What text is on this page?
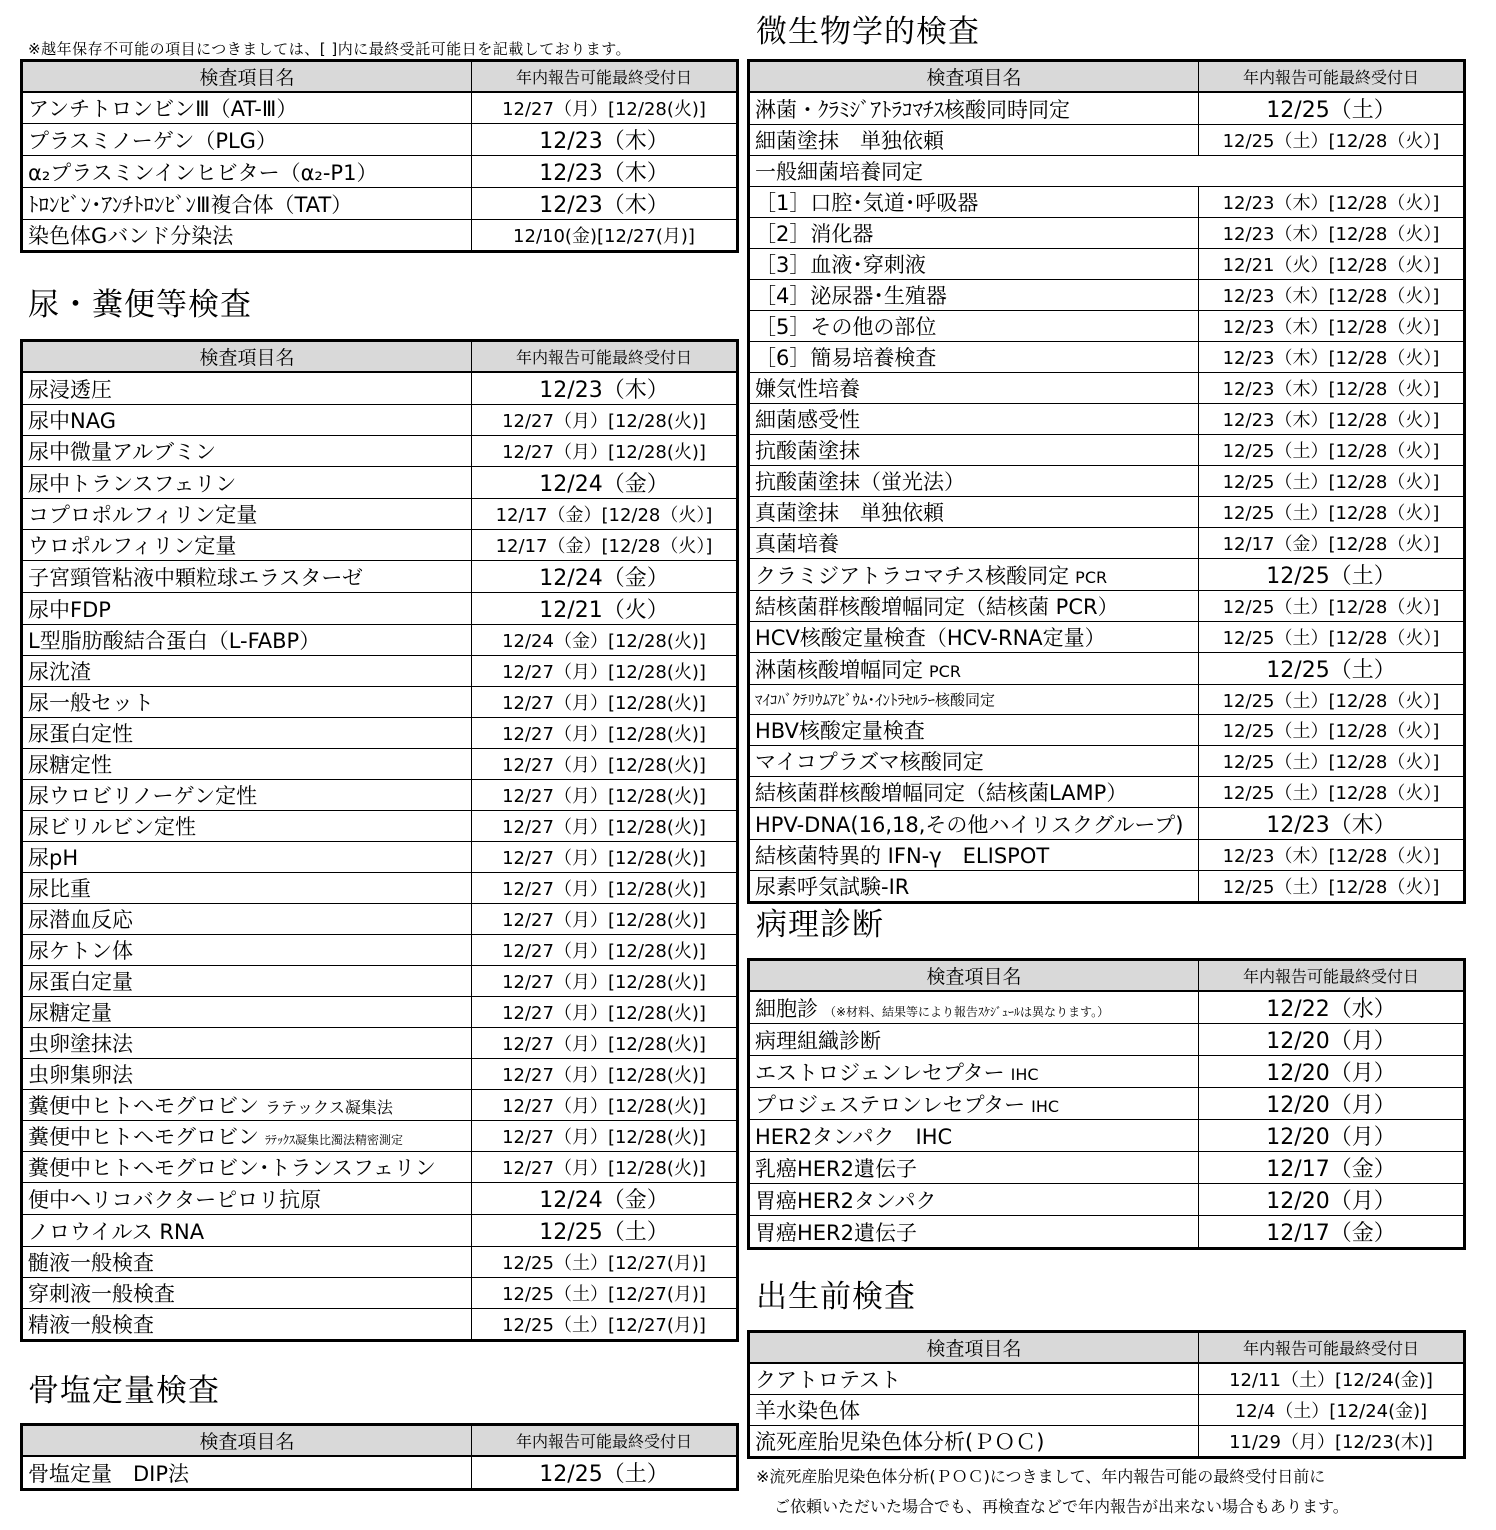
※越年保存不可能の項目につきましては、[ ]内に最終受託可能日を記載しております。
検査項目名	年内報告可能最終受付日
アンチトロンビンⅢ（AT-Ⅲ）	12/27（月）[12/28(火)]
プラスミノーゲン（PLG）	12/23（木）
α₂プラスミンインヒビター（α₂-P1）	12/23（木）
ﾄﾛﾝﾋﾞﾝ･ｱﾝﾁﾄﾛﾝﾋﾞﾝⅢ複合体（TAT）	12/23（木）
染色体Gバンド分染法	12/10(金)[12/27(月)]
尿・糞便等検査
検査項目名	年内報告可能最終受付日
尿浸透圧	12/23（木）
尿中NAG	12/27（月）[12/28(火)]
尿中微量アルブミン	12/27（月）[12/28(火)]
尿中トランスフェリン	12/24（金）
コプロポルフィリン定量	12/17（金）[12/28（火）]
ウロポルフィリン定量	12/17（金）[12/28（火）]
子宮頸管粘液中顆粒球エラスターゼ	12/24（金）
尿中FDP	12/21（火）
L型脂肪酸結合蛋白（L-FABP）	12/24（金）[12/28(火)]
尿沈渣	12/27（月）[12/28(火)]
尿一般セット	12/27（月）[12/28(火)]
尿蛋白定性	12/27（月）[12/28(火)]
尿糖定性	12/27（月）[12/28(火)]
尿ウロビリノーゲン定性	12/27（月）[12/28(火)]
尿ビリルビン定性	12/27（月）[12/28(火)]
尿pH	12/27（月）[12/28(火)]
尿比重	12/27（月）[12/28(火)]
尿潜血反応	12/27（月）[12/28(火)]
尿ケトン体	12/27（月）[12/28(火)]
尿蛋白定量	12/27（月）[12/28(火)]
尿糖定量	12/27（月）[12/28(火)]
虫卵塗抹法	12/27（月）[12/28(火)]
虫卵集卵法	12/27（月）[12/28(火)]
糞便中ヒトヘモグロビン ラテックス凝集法	12/27（月）[12/28(火)]
糞便中ヒトヘモグロビン ﾗﾃｯｸｽ凝集比濁法精密測定	12/27（月）[12/28(火)]
糞便中ヒトヘモグロビン･トランスフェリン	12/27（月）[12/28(火)]
便中ヘリコバクターピロリ抗原	12/24（金）
ノロウイルス RNA	12/25（土）
髄液一般検査	12/25（土）[12/27(月)]
穿刺液一般検査	12/25（土）[12/27(月)]
精液一般検査	12/25（土）[12/27(月)]
骨塩定量検査
検査項目名	年内報告可能最終受付日
骨塩定量　DIP法	12/25（土）
微生物学的検査
検査項目名	年内報告可能最終受付日
淋菌・ｸﾗﾐｼﾞｱﾄﾗｺﾏﾁｽ核酸同時同定	12/25（土）
細菌塗抹　単独依頼	12/25（土）[12/28（火）]
一般細菌培養同定	
［1］口腔･気道･呼吸器	12/23（木）[12/28（火）]
［2］消化器	12/23（木）[12/28（火）]
［3］血液･穿刺液	12/21（火）[12/28（火）]
［4］泌尿器･生殖器	12/23（木）[12/28（火）]
［5］その他の部位	12/23（木）[12/28（火）]
［6］簡易培養検査	12/23（木）[12/28（火）]
嫌気性培養	12/23（木）[12/28（火）]
細菌感受性	12/23（木）[12/28（火）]
抗酸菌塗抹	12/25（土）[12/28（火）]
抗酸菌塗抹（蛍光法）	12/25（土）[12/28（火）]
真菌塗抹　単独依頼	12/25（土）[12/28（火）]
真菌培養	12/17（金）[12/28（火）]
クラミジアトラコマチス核酸同定 PCR	12/25（土）
結核菌群核酸増幅同定（結核菌 PCR）	12/25（土）[12/28（火）]
HCV核酸定量検査（HCV-RNA定量）	12/25（土）[12/28（火）]
淋菌核酸増幅同定 PCR	12/25（土）
ﾏｲｺﾊﾞｸﾃﾘｳﾑｱﾋﾞｳﾑ･ｲﾝﾄﾗｾﾙﾗｰ核酸同定	12/25（土）[12/28（火）]
HBV核酸定量検査	12/25（土）[12/28（火）]
マイコプラズマ核酸同定	12/25（土）[12/28（火）]
結核菌群核酸増幅同定（結核菌LAMP）	12/25（土）[12/28（火）]
HPV-DNA(16,18,その他ハイリスクグループ)	12/23（木）
結核菌特異的 IFN-γ　ELISPOT	12/23（木）[12/28（火）]
尿素呼気試験-IR	12/25（土）[12/28（火）]
病理診断
検査項目名	年内報告可能最終受付日
細胞診 （※材料、結果等により報告ｽｹｼﾞｭｰﾙは異なります。）	12/22（水）
病理組織診断	12/20（月）
エストロジェンレセプター IHC	12/20（月）
プロジェステロンレセプター IHC	12/20（月）
HER2タンパク　IHC	12/20（月）
乳癌HER2遺伝子	12/17（金）
胃癌HER2タンパク	12/20（月）
胃癌HER2遺伝子	12/17（金）
出生前検査
検査項目名	年内報告可能最終受付日
クアトロテスト	12/11（土）[12/24(金)]
羊水染色体	12/4（土）[12/24(金)]
流死産胎児染色体分析(ＰＯＣ)	11/29（月）[12/23(木)]
※流死産胎児染色体分析(ＰＯＣ)につきまして、年内報告可能の最終受付日前に
ご依頼いただいた場合でも、再検査などで年内報告が出来ない場合もあります。
